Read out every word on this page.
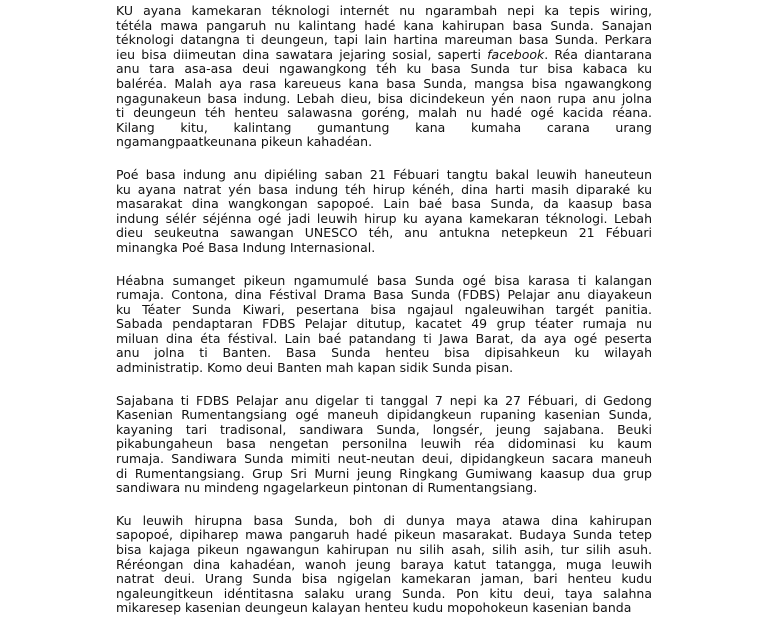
KU ayana kamekaran téknologi internét nu ngarambah nepi ka tepis wiring,
tétéla mawa pangaruh nu kalintang hadé kana kahirupan basa Sunda. Sanajan
téknologi datangna ti deungeun, tapi lain hartina mareuman basa Sunda. Perkara
ieu bisa diimeutan dina sawatara jejaring sosial, saperti facebook. Réa diantarana
anu tara asa-asa deui ngawangkong téh ku basa Sunda tur bisa kabaca ku
baléréa. Malah aya rasa kareueus kana basa Sunda, mangsa bisa ngawangkong
ngagunakeun basa indung. Lebah dieu, bisa dicindekeun yén naon rupa anu jolna
ti deungeun téh henteu salawasna goréng, malah nu hadé ogé kacida réana.
Kilang kitu, kalintang gumantung kana kumaha carana urang
ngamangpaatkeunana pikeun kahadéan.

Poé basa indung anu dipiéling saban 21 Fébuari tangtu bakal leuwih haneuteun
ku ayana natrat yén basa indung téh hirup kénéh, dina harti masih diparaké ku
masarakat dina wangkongan sapopoé. Lain baé basa Sunda, da kaasup basa
indung sélér séjénna ogé jadi leuwih hirup ku ayana kamekaran téknologi. Lebah
dieu seukeutna sawangan UNESCO téh, anu antukna netepkeun 21 Fébuari
minangka Poé Basa Indung Internasional.

Héabna sumanget pikeun ngamumulé basa Sunda ogé bisa karasa ti kalangan
rumaja. Contona, dina Féstival Drama Basa Sunda (FDBS) Pelajar anu diayakeun
ku Téater Sunda Kiwari, pesertana bisa ngajaul ngaleuwihan targét panitia.
Sabada pendaptaran FDBS Pelajar ditutup, kacatet 49 grup téater rumaja nu
miluan dina éta féstival. Lain baé patandang ti Jawa Barat, da aya ogé peserta
anu jolna ti Banten. Basa Sunda henteu bisa dipisahkeun ku wilayah
administratip. Komo deui Banten mah kapan sidik Sunda pisan.

Sajabana ti FDBS Pelajar anu digelar ti tanggal 7 nepi ka 27 Fébuari, di Gedong
Kasenian Rumentangsiang ogé maneuh dipidangkeun rupaning kasenian Sunda,
kayaning tari tradisonal, sandiwara Sunda, longsér, jeung sajabana. Beuki
pikabungaheun basa nengetan personilna leuwih réa didominasi ku kaum
rumaja. Sandiwara Sunda mimiti neut-neutan deui, dipidangkeun sacara maneuh
di Rumentangsiang. Grup Sri Murni jeung Ringkang Gumiwang kaasup dua grup
sandiwara nu mindeng ngagelarkeun pintonan di Rumentangsiang.

Ku leuwih hirupna basa Sunda, boh di dunya maya atawa dina kahirupan
sapopoé, dipiharep mawa pangaruh hadé pikeun masarakat. Budaya Sunda tetep
bisa kajaga pikeun ngawangun kahirupan nu silih asah, silih asih, tur silih asuh.
Réréongan dina kahadéan, wanoh jeung baraya katut tatangga, muga leuwih
natrat deui. Urang Sunda bisa ngigelan kamekaran jaman, bari henteu kudu
ngaleungitkeun idéntitasna salaku urang Sunda. Pon kitu deui, taya salahna
mikaresep kasenian deungeun kalayan henteu kudu mopohokeun kasenian banda
